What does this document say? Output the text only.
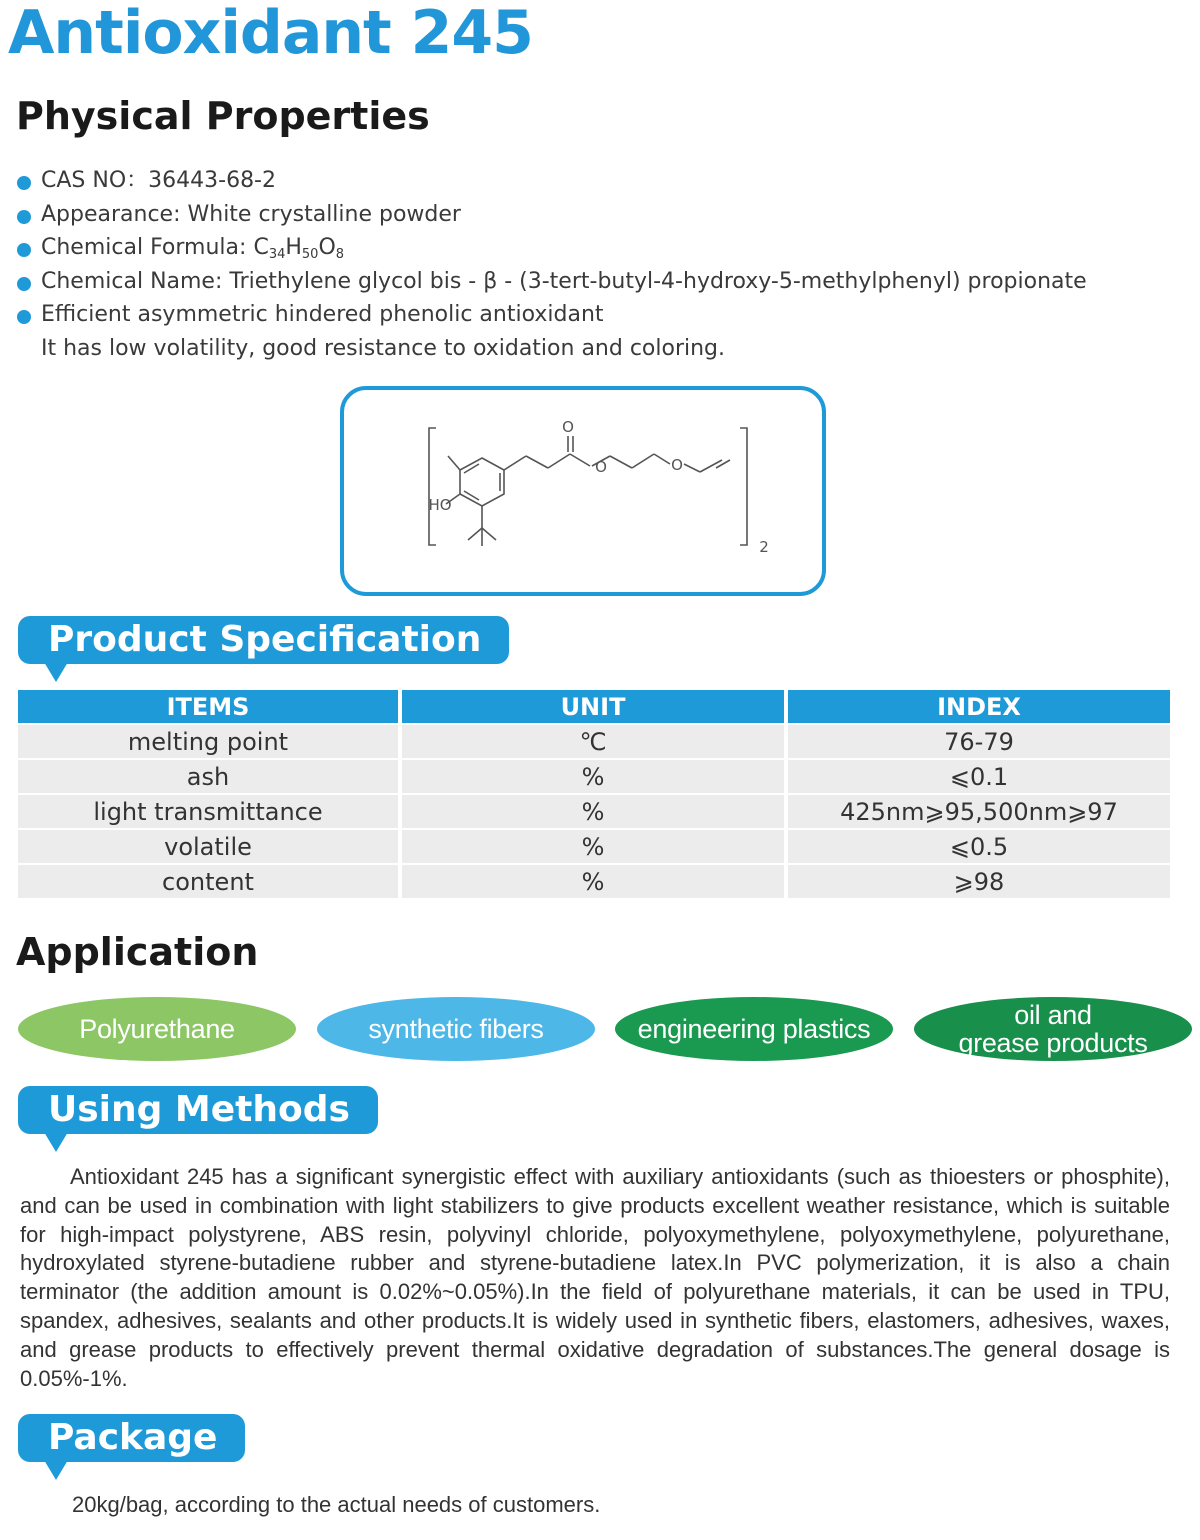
Antioxidant 245
Physical Properties
CAS NO：36443-68-2
Appearance: White crystalline powder
Chemical Formula: $C_{34}H_{50}O_8$
Chemical Name: Triethylene glycol bis - β - (3-tert-butyl-4-hydroxy-5-methylphenyl) propionate
Efficient asymmetric hindered phenolic antioxidant
It has low volatility, good resistance to oxidation and coloring.
O
O	O
HO
2
Product Specification
ITEMS	UNIT	INDEX
melting point	℃	76-79
ash	%	⩽0.1
light transmittance	%	425nm⩾95,500nm⩾97
volatile	%	⩽0.5
content	%	⩾98
Application
Polyurethane	synthetic fibers	engineering plastics	oil and
grease products
Using Methods

Antioxidant 245 has a significant synergistic effect with auxiliary antioxidants (such as thioesters or phosphite), and can be used in combination with light stabilizers to give products excellent weather resistance, which is suitable for high-impact polystyrene, ABS resin, polyvinyl chloride, polyoxymethylene, polyoxymethylene, polyurethane, hydroxylated styrene-butadiene rubber and styrene-butadiene latex.In PVC polymerization, it is also a chain terminator (the addition amount is 0.02%~0.05%).In the field of polyurethane materials, it can be used in TPU, spandex, adhesives, sealants and other products.It is widely used in synthetic fibers, elastomers, adhesives, waxes, and grease products to effectively prevent thermal oxidative degradation of substances.The general dosage is 0.05%-1%.

Package

20kg/bag, according to the actual needs of customers.
